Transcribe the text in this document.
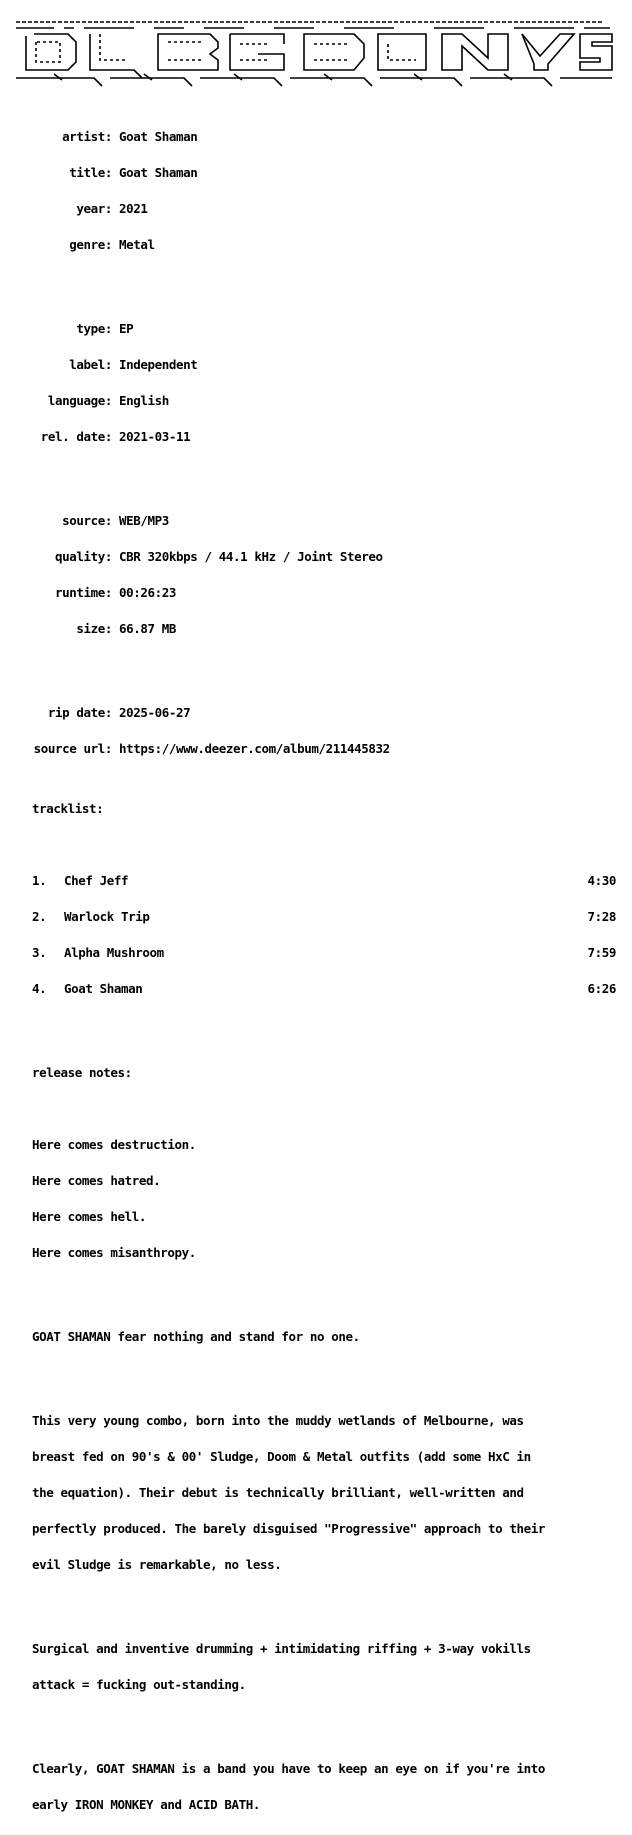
artist: Goat Shaman

title: Goat Shaman

year: 2021

genre: Metal

type: EP

label: Independent

language: English

rel. date: 2021-03-11

source: WEB/MP3

quality: CBR 320kbps / 44.1 kHz / Joint Stereo

runtime: 00:26:23

size: 66.87 MB

rip date: 2025-06-27

source url: https://www.deezer.com/album/211445832

tracklist:

1. Chef Jeff	4:30

2. Warlock Trip	7:28

3. Alpha Mushroom	7:59

4. Goat Shaman	6:26

release notes:

Here comes destruction.

Here comes hatred.

Here comes hell.

Here comes misanthropy.

GOAT SHAMAN fear nothing and stand for no one.

This very young combo, born into the muddy wetlands of Melbourne, was

breast fed on 90's & 00' Sludge, Doom & Metal outfits (add some HxC in

the equation). Their debut is technically brilliant, well-written and

perfectly produced. The barely disguised "Progressive" approach to their

evil Sludge is remarkable, no less.

Surgical and inventive drumming + intimidating riffing + 3-way vokills

attack = fucking out-standing.

Clearly, GOAT SHAMAN is a band you have to keep an eye on if you're into

early IRON MONKEY and ACID BATH.
